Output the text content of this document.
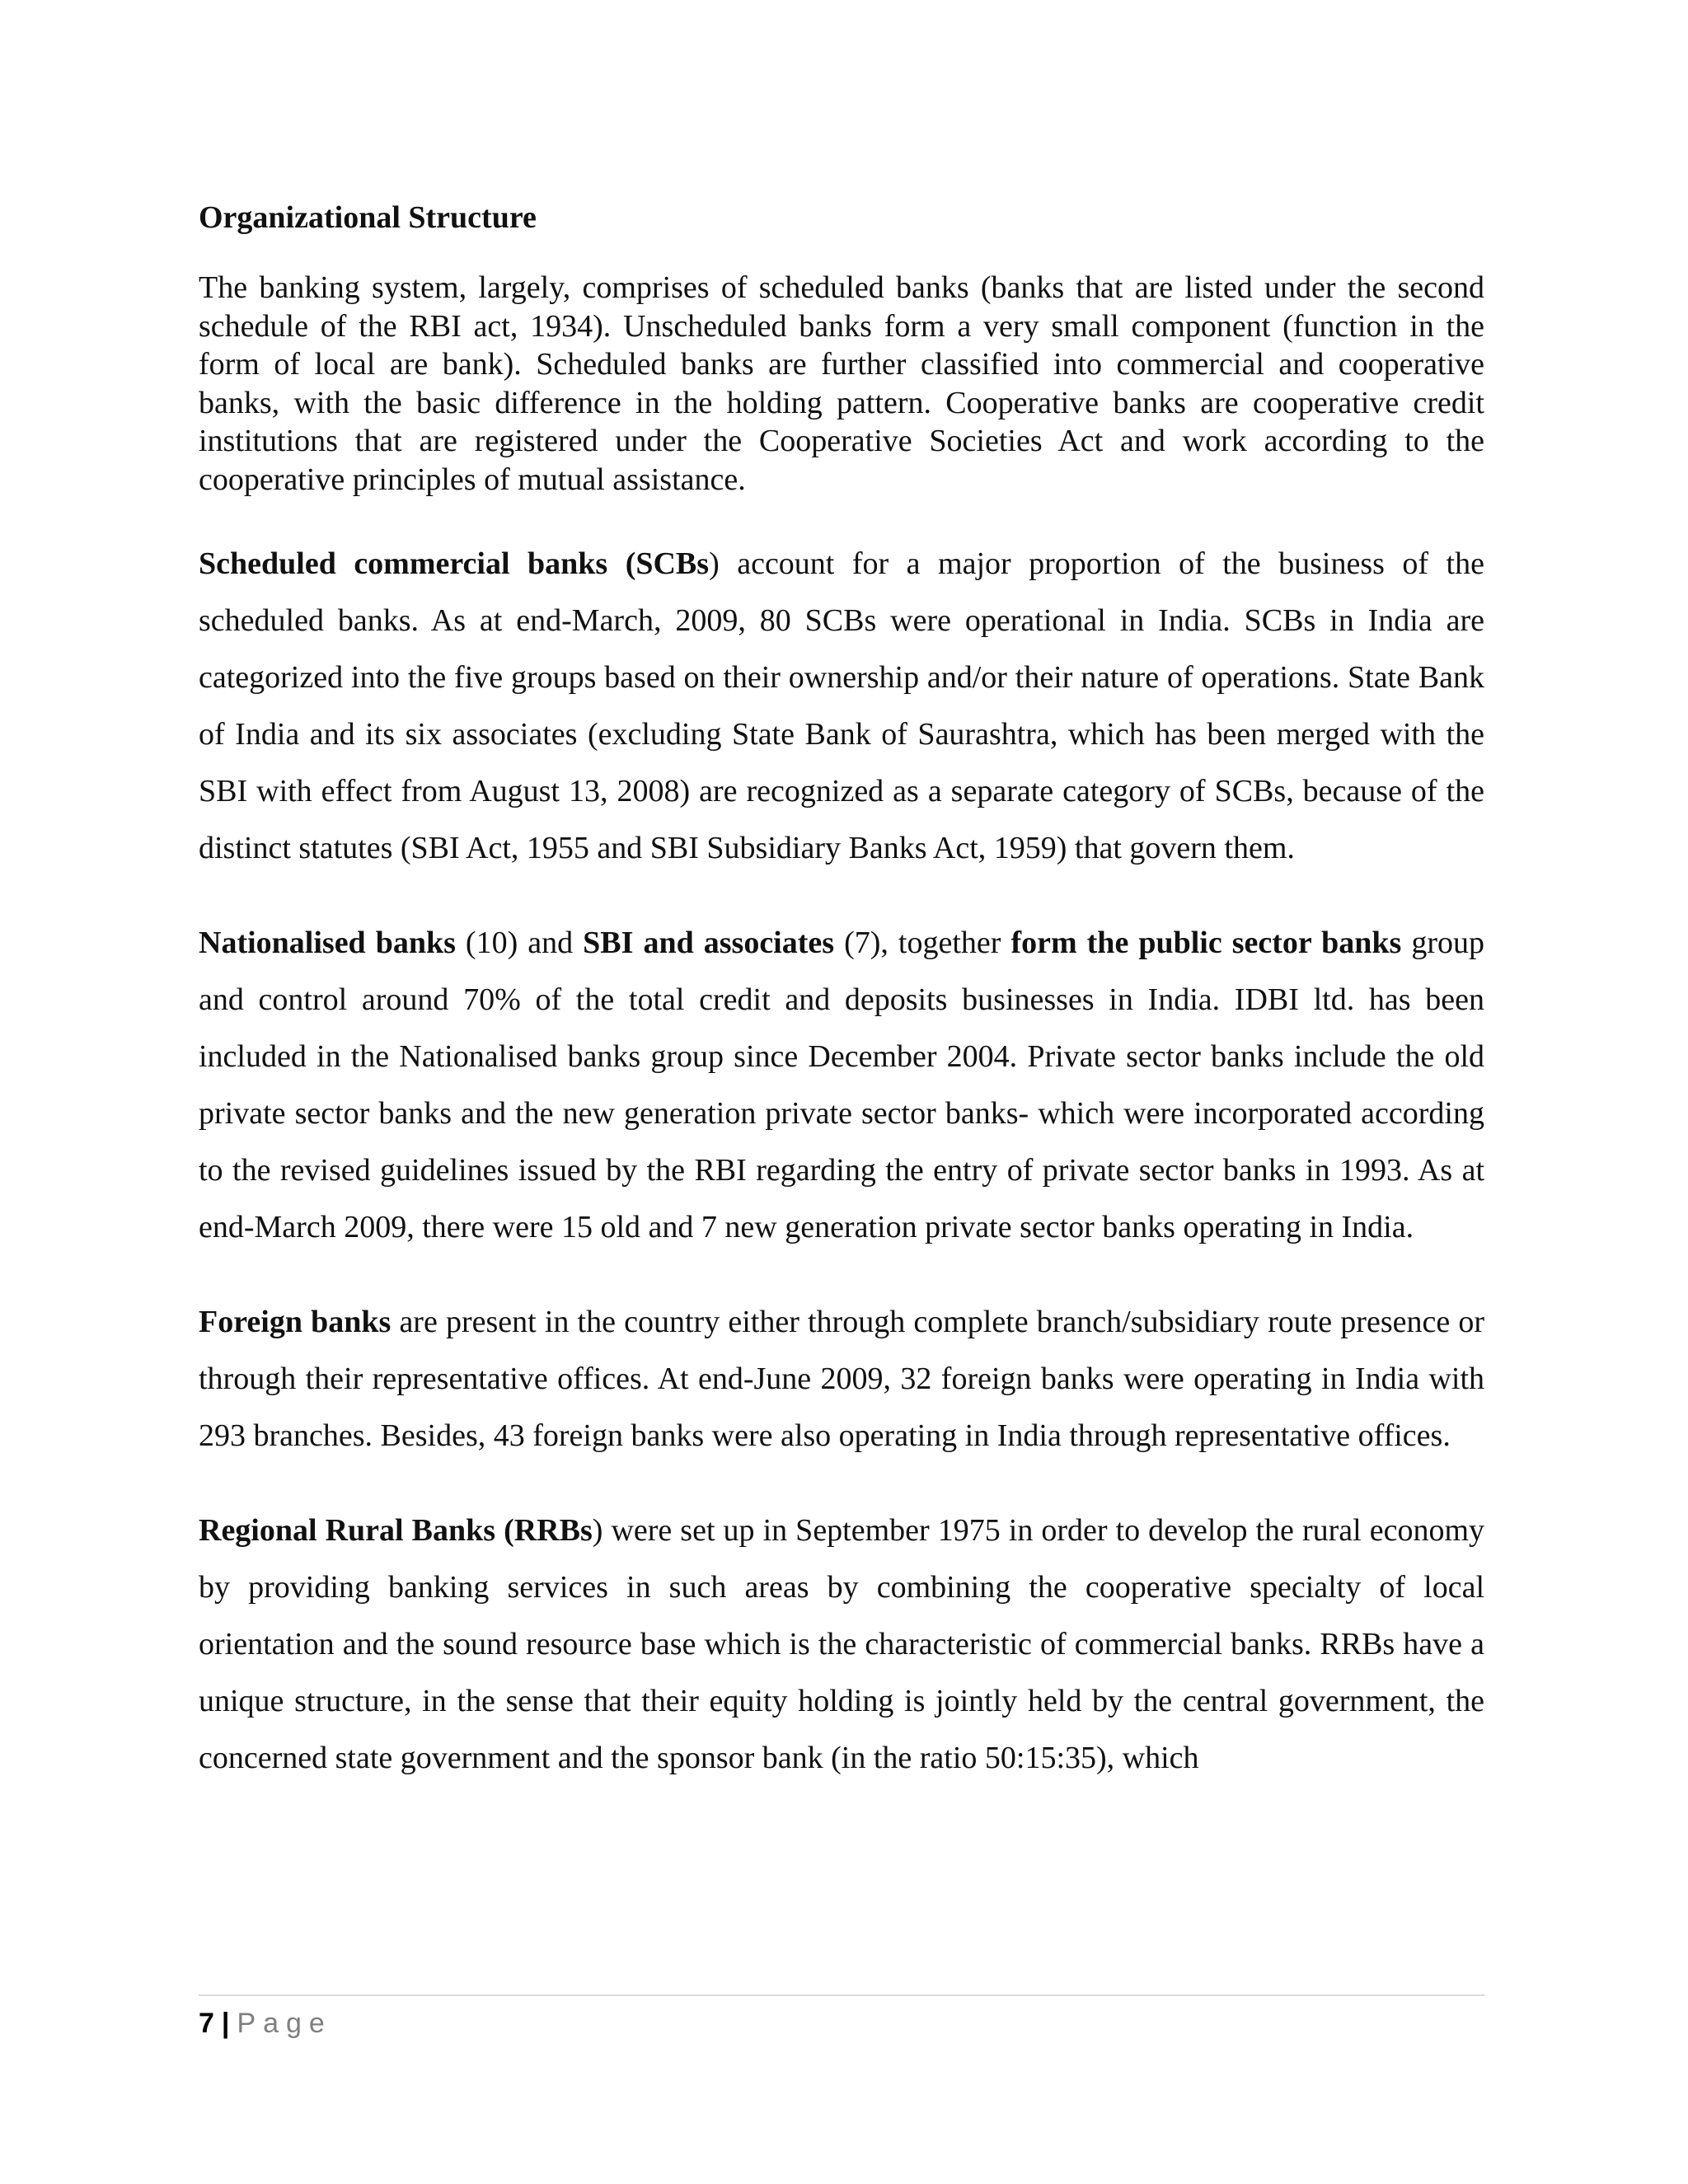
Organizational Structure

The banking system, largely, comprises of scheduled banks (banks that are listed under the second schedule of the RBI act, 1934). Unscheduled banks form a very small component (function in the form of local are bank). Scheduled banks are further classified into commercial and cooperative banks, with the basic difference in the holding pattern. Cooperative banks are cooperative credit institutions that are registered under the Cooperative Societies Act and work according to the cooperative principles of mutual assistance.

Scheduled commercial banks (SCBs) account for a major proportion of the business of the scheduled banks. As at end-March, 2009, 80 SCBs were operational in India. SCBs in India are categorized into the five groups based on their ownership and/or their nature of operations. State Bank of India and its six associates (excluding State Bank of Saurashtra, which has been merged with the SBI with effect from August 13, 2008) are recognized as a separate category of SCBs, because of the distinct statutes (SBI Act, 1955 and SBI Subsidiary Banks Act, 1959) that govern them.

Nationalised banks (10) and SBI and associates (7), together form the public sector banks group and control around 70% of the total credit and deposits businesses in India. IDBI ltd. has been included in the Nationalised banks group since December 2004. Private sector banks include the old private sector banks and the new generation private sector banks- which were incorporated according to the revised guidelines issued by the RBI regarding the entry of private sector banks in 1993. As at end-March 2009, there were 15 old and 7 new generation private sector banks operating in India.

Foreign banks are present in the country either through complete branch/subsidiary route presence or through their representative offices. At end-June 2009, 32 foreign banks were operating in India with 293 branches. Besides, 43 foreign banks were also operating in India through representative offices.

Regional Rural Banks (RRBs) were set up in September 1975 in order to develop the rural economy by providing banking services in such areas by combining the cooperative specialty of local orientation and the sound resource base which is the characteristic of commercial banks. RRBs have a unique structure, in the sense that their equity holding is jointly held by the central government, the concerned state government and the sponsor bank (in the ratio 50:15:35), which

7 | Page
